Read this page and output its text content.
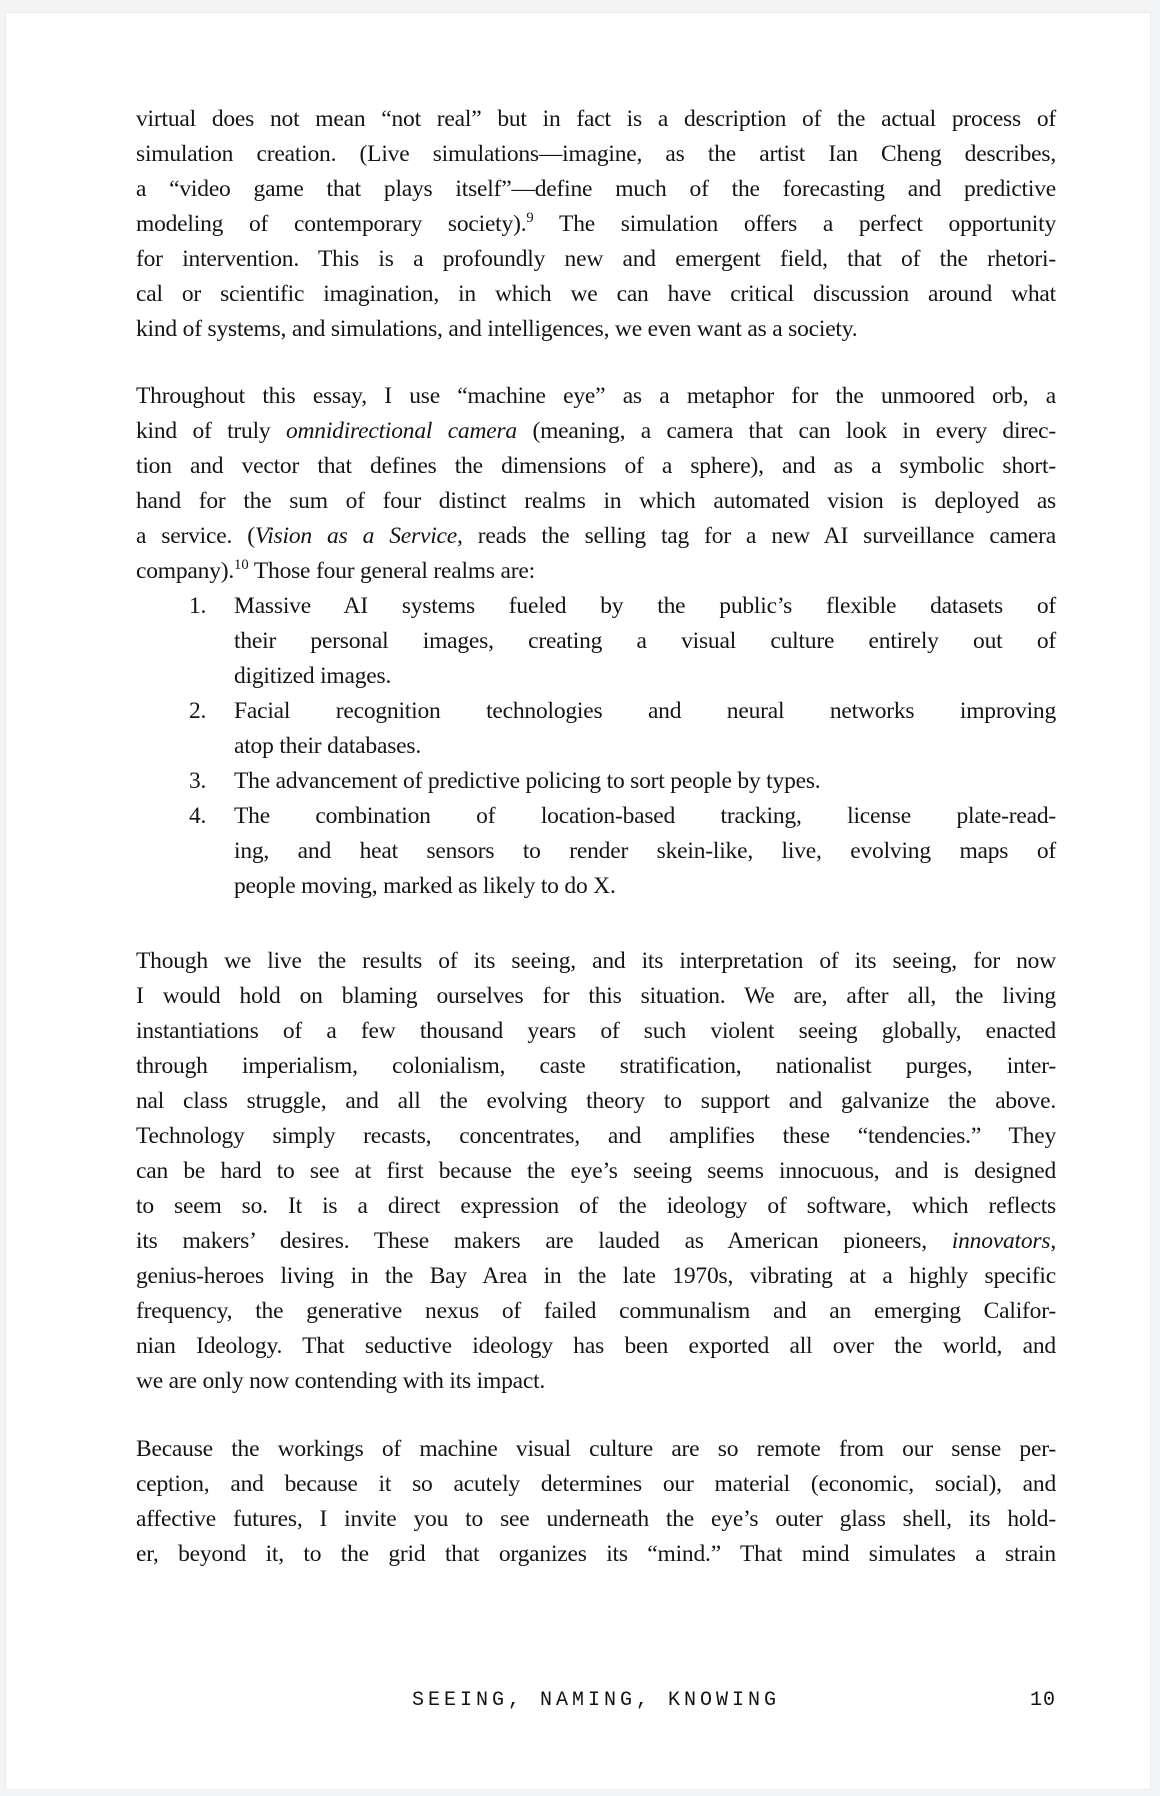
virtual does not mean “not real” but in fact is a description of the actual process of
simulation creation. (Live simulations—imagine, as the artist Ian Cheng describes,
a “video game that plays itself”—define much of the forecasting and predictive
modeling of contemporary society).$^9$ The simulation offers a perfect opportunity
for intervention. This is a profoundly new and emergent field, that of the rhetori-
cal or scientific imagination, in which we can have critical discussion around what
kind of systems, and simulations, and intelligences, we even want as a society.
Throughout this essay, I use “machine eye” as a metaphor for the unmoored orb, a
kind of truly omnidirectional camera (meaning, a camera that can look in every direc-
tion and vector that defines the dimensions of a sphere), and as a symbolic short-
hand for the sum of four distinct realms in which automated vision is deployed as
a service. (Vision as a Service, reads the selling tag for a new AI surveillance camera
company).$^{10}$ Those four general realms are:
1.	Massive AI systems fueled by the public’s flexible datasets of
their personal images, creating a visual culture entirely out of
digitized images.
2.	Facial recognition technologies and neural networks improving
atop their databases.
3.	The advancement of predictive policing to sort people by types.
4.	The combination of location-based tracking, license plate-read-
ing, and heat sensors to render skein-like, live, evolving maps of
people moving, marked as likely to do X.
Though we live the results of its seeing, and its interpretation of its seeing, for now
I would hold on blaming ourselves for this situation. We are, after all, the living
instantiations of a few thousand years of such violent seeing globally, enacted
through imperialism, colonialism, caste stratification, nationalist purges, inter-
nal class struggle, and all the evolving theory to support and galvanize the above.
Technology simply recasts, concentrates, and amplifies these “tendencies.” They
can be hard to see at first because the eye’s seeing seems innocuous, and is designed
to seem so. It is a direct expression of the ideology of software, which reflects
its makers’ desires. These makers are lauded as American pioneers, innovators,
genius-heroes living in the Bay Area in the late 1970s, vibrating at a highly specific
frequency, the generative nexus of failed communalism and an emerging Califor-
nian Ideology. That seductive ideology has been exported all over the world, and
we are only now contending with its impact.
Because the workings of machine visual culture are so remote from our sense per-
ception, and because it so acutely determines our material (economic, social), and
affective futures, I invite you to see underneath the eye’s outer glass shell, its hold-
er, beyond it, to the grid that organizes its “mind.” That mind simulates a strain
SEEING, NAMING, KNOWING	10
